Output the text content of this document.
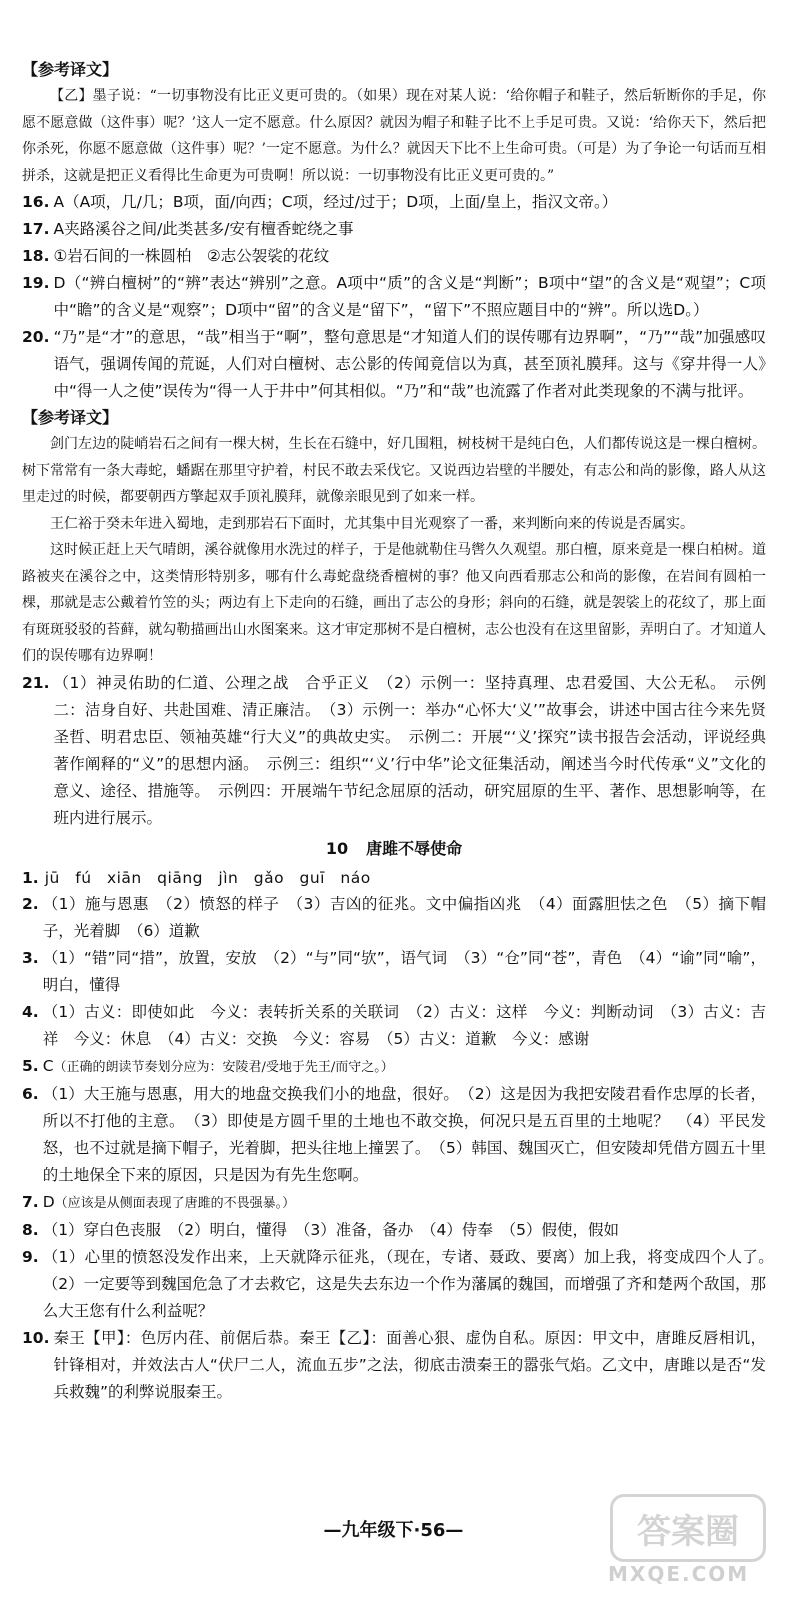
【参考译文】
【乙】墨子说：“一切事物没有比正义更可贵的。（如果）现在对某人说：‘给你帽子和鞋子，然后斩断你的手足，你愿不愿意做（这件事）呢？’这人一定不愿意。什么原因？就因为帽子和鞋子比不上手足可贵。又说：‘给你天下，然后把你杀死，你愿不愿意做（这件事）呢？’一定不愿意。为什么？就因天下比不上生命可贵。（可是）为了争论一句话而互相拼杀，这就是把正义看得比生命更为可贵啊！所以说：一切事物没有比正义更可贵的。”
16. A（A项，几/几；B项，面/向西；C项，经过/过于；D项，上面/皇上，指汉文帝。）
17. A夹路溪谷之间/此类甚多/安有檀香蛇绕之事
18. ①岩石间的一株圆柏　②志公袈裟的花纹
19. D（“辨白檀树”的“辨”表达“辨别”之意。A项中“质”的含义是“判断”；B项中“望”的含义是“观望”；C项中“瞻”的含义是“观察”；D项中“留”的含义是“留下”，“留下”不照应题目中的“辨”。所以选D。）
20. “乃”是“才”的意思，“哉”相当于“啊”，整句意思是“才知道人们的误传哪有边界啊”，“乃”“哉”加强感叹语气，强调传闻的荒诞，人们对白檀树、志公影的传闻竟信以为真，甚至顶礼膜拜。这与《穿井得一人》中“得一人之使”误传为“得一人于井中”何其相似。“乃”和“哉”也流露了作者对此类现象的不满与批评。
【参考译文】
剑门左边的陡峭岩石之间有一棵大树，生长在石缝中，好几围粗，树枝树干是纯白色，人们都传说这是一棵白檀树。树下常常有一条大毒蛇，蟠踞在那里守护着，村民不敢去采伐它。又说西边岩壁的半腰处，有志公和尚的影像，路人从这里走过的时候，都要朝西方擎起双手顶礼膜拜，就像亲眼见到了如来一样。
王仁裕于癸未年进入蜀地，走到那岩石下面时，尤其集中目光观察了一番，来判断向来的传说是否属实。
这时候正赶上天气晴朗，溪谷就像用水洗过的样子，于是他就勒住马辔久久观望。那白檀，原来竟是一棵白柏树。道路被夹在溪谷之中，这类情形特别多，哪有什么毒蛇盘绕香檀树的事？他又向西看那志公和尚的影像，在岩间有圆柏一棵，那就是志公戴着竹笠的头；两边有上下走向的石缝，画出了志公的身形；斜向的石缝，就是袈裟上的花纹了，那上面有斑斑驳驳的苔藓，就勾勒描画出山水图案来。这才审定那树不是白檀树，志公也没有在这里留影，弄明白了。才知道人们的误传哪有边界啊！
21. （1）神灵佑助的仁道、公理之战　合乎正义　（2）示例一：坚持真理、忠君爱国、大公无私。　示例二：洁身自好、共赴国难、清正廉洁。　（3）示例一：举办“心怀大‘义’”故事会，讲述中国古往今来先贤圣哲、明君忠臣、领袖英雄“行大义”的典故史实。　示例二：开展“‘义’探究”读书报告会活动，评说经典著作阐释的“义”的思想内涵。　示例三：组织“‘义’行中华”论文征集活动，阐述当今时代传承“义”文化的意义、途径、措施等。　示例四：开展端午节纪念屈原的活动，研究屈原的生平、著作、思想影响等，在班内进行展示。
10 唐雎不辱使命
1. jū fú xiān qiāng jìn gǎo guī náo
2. （1）施与恩惠　（2）愤怒的样子　（3）吉凶的征兆。文中偏指凶兆　（4）面露胆怯之色　（5）摘下帽子，光着脚　（6）道歉
3. （1）“错”同“措”，放置，安放　（2）“与”同“欤”，语气词　（3）“仓”同“苍”，青色　（4）“谕”同“喻”，明白，懂得
4. （1）古义：即使如此　今义：表转折关系的关联词　（2）古义：这样　今义：判断动词　（3）古义：吉祥　今义：休息　（4）古义：交换　今义：容易　（5）古义：道歉　今义：感谢
5. C（正确的朗读节奏划分应为：安陵君/受地于先王/而守之。）
6. （1）大王施与恩惠，用大的地盘交换我们小的地盘，很好。　（2）这是因为我把安陵君看作忠厚的长者，所以不打他的主意。　（3）即使是方圆千里的土地也不敢交换，何况只是五百里的土地呢？　（4）平民发怒，也不过就是摘下帽子，光着脚，把头往地上撞罢了。　（5）韩国、魏国灭亡，但安陵却凭借方圆五十里的土地保全下来的原因，只是因为有先生您啊。
7. D（应该是从侧面表现了唐雎的不畏强暴。）
8. （1）穿白色丧服　（2）明白，懂得　（3）准备，备办　（4）侍奉　（5）假使，假如
9. （1）心里的愤怒没发作出来，上天就降示征兆，（现在，专诸、聂政、要离）加上我，将变成四个人了。　（2）一定要等到魏国危急了才去救它，这是失去东边一个作为藩属的魏国，而增强了齐和楚两个敌国，那么大王您有什么利益呢？
10. 秦王【甲】：色厉内荏、前倨后恭。秦王【乙】：面善心狠、虚伪自私。原因：甲文中，唐雎反唇相讥，针锋相对，并效法古人“伏尸二人，流血五步”之法，彻底击溃秦王的嚣张气焰。乙文中，唐雎以是否“发兵救魏”的利弊说服秦王。
—九年级下·56—	答案圈
MXQE.COM
